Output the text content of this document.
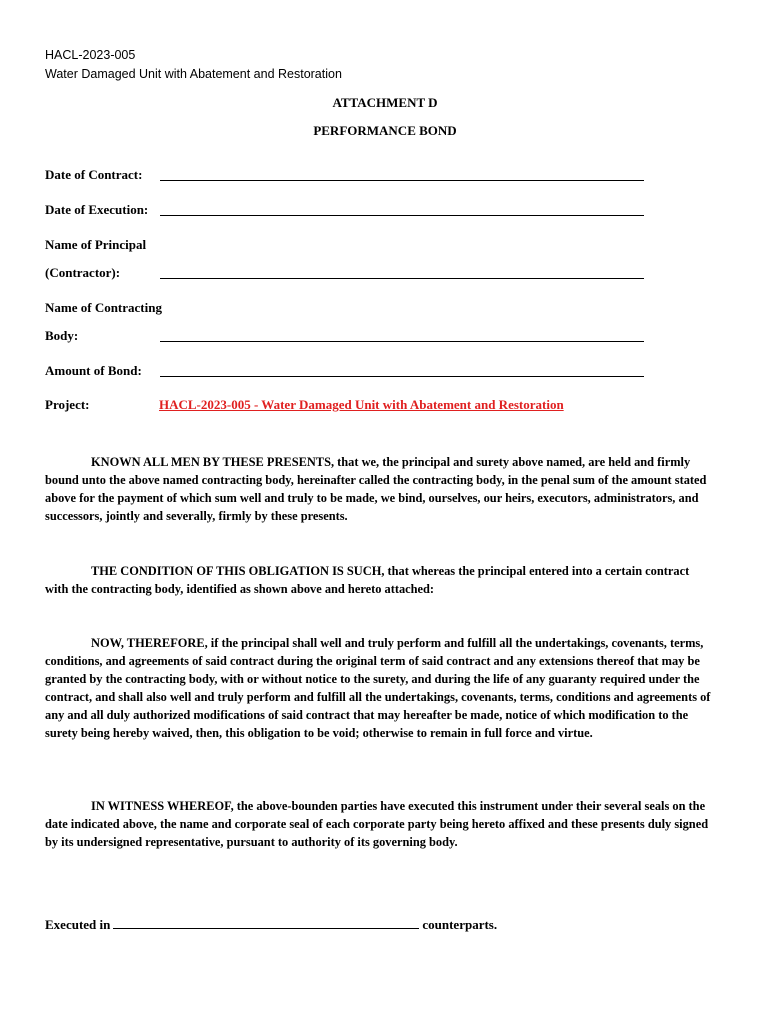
HACL-2023-005
Water Damaged Unit with Abatement and Restoration
ATTACHMENT D
PERFORMANCE BOND
Date of Contract:
Date of Execution:
Name of Principal
(Contractor):
Name of Contracting
Body:
Amount of Bond:
Project:	HACL-2023-005 - Water Damaged Unit with Abatement and Restoration

KNOWN ALL MEN BY THESE PRESENTS, that we, the principal and surety above named, are held and firmly bound unto the above named contracting body, hereinafter called the contracting body, in the penal sum of the amount stated above for the payment of which sum well and truly to be made, we bind, ourselves, our heirs, executors, administrators, and successors, jointly and severally, firmly by these presents.

THE CONDITION OF THIS OBLIGATION IS SUCH, that whereas the principal entered into a certain contract with the contracting body, identified as shown above and hereto attached:

NOW, THEREFORE, if the principal shall well and truly perform and fulfill all the undertakings, covenants, terms, conditions, and agreements of said contract during the original term of said contract and any extensions thereof that may be granted by the contracting body, with or without notice to the surety, and during the life of any guaranty required under the contract, and shall also well and truly perform and fulfill all the undertakings, covenants, terms, conditions and agreements of any and all duly authorized modifications of said contract that may hereafter be made, notice of which modification to the surety being hereby waived, then, this obligation to be void; otherwise to remain in full force and virtue.

IN WITNESS WHEREOF, the above-bounden parties have executed this instrument under their several seals on the date indicated above, the name and corporate seal of each corporate party being hereto affixed and these presents duly signed by its undersigned representative, pursuant to authority of its governing body.

Executed in	counterparts.
